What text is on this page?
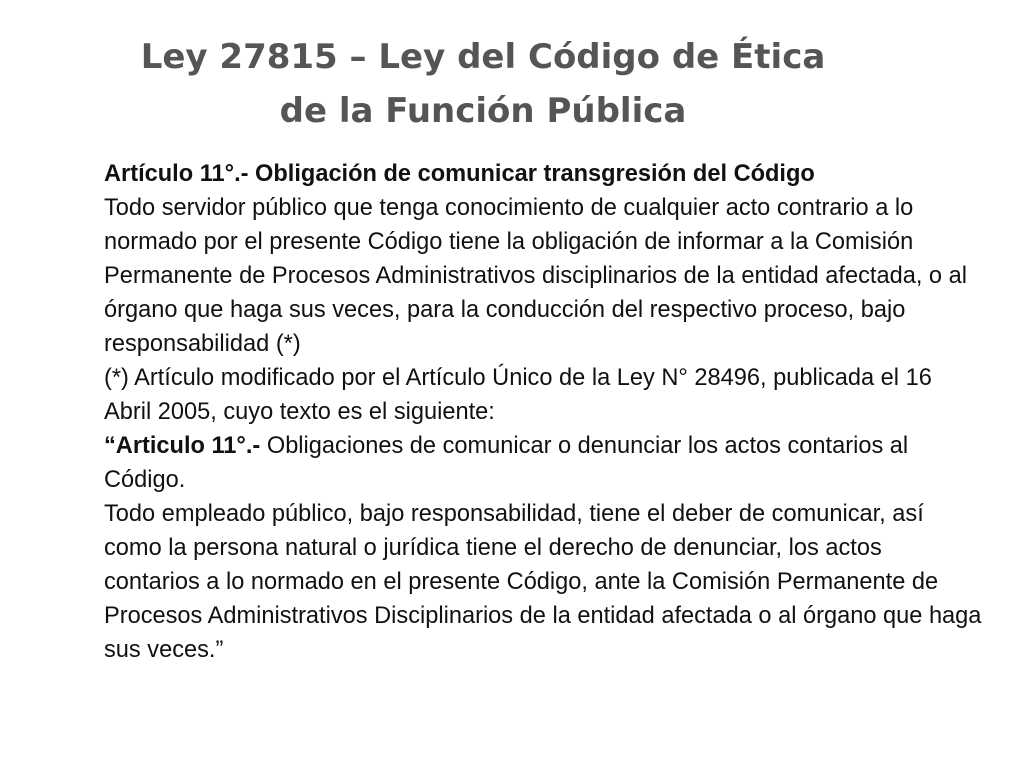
Ley 27815 – Ley del Código de Ética
de la Función Pública

Artículo 11°.- Obligación de comunicar transgresión del Código

Todo servidor público que tenga conocimiento de cualquier acto contrario a lo normado por el presente Código tiene la obligación de informar a la Comisión Permanente de Procesos Administrativos disciplinarios de la entidad afectada, o al órgano que haga sus veces, para la conducción del respectivo proceso, bajo responsabilidad (*)

(*) Artículo modificado por el Artículo Único de la Ley N° 28496, publicada el 16 Abril 2005, cuyo texto es el siguiente:

“Articulo 11°.- Obligaciones de comunicar o denunciar los actos contarios al Código.

Todo empleado público, bajo responsabilidad, tiene el deber de comunicar, así como la persona natural o jurídica tiene el derecho de denunciar, los actos contarios a lo normado en el presente Código, ante la Comisión Permanente de Procesos Administrativos Disciplinarios de la entidad afectada o al órgano que haga sus veces.”
